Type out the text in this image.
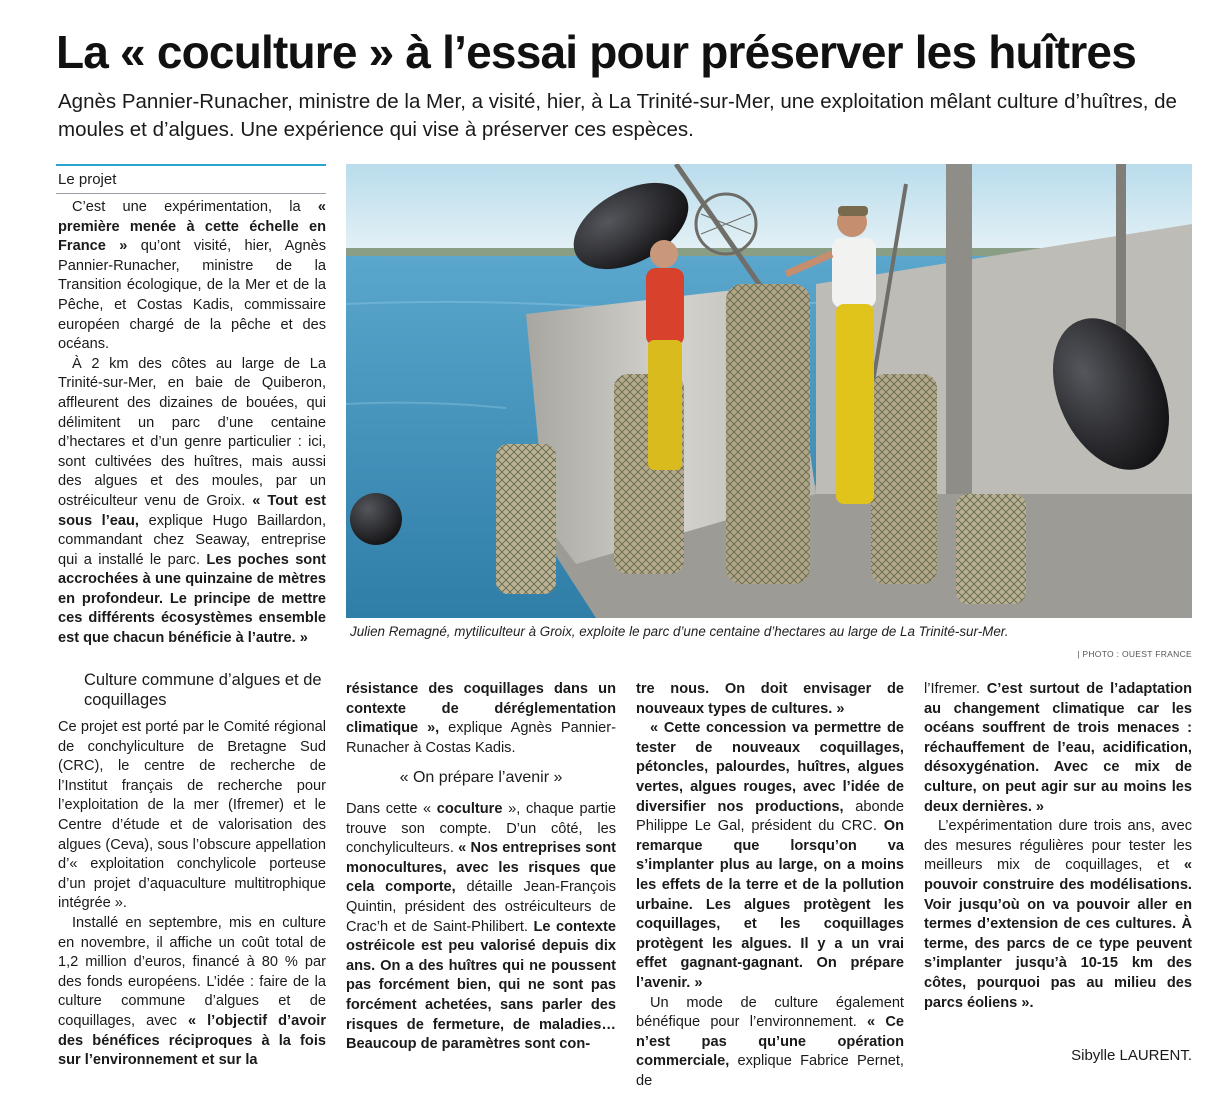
La « coculture » à l’essai pour préserver les huîtres

Agnès Pannier-Runacher, ministre de la Mer, a visité, hier, à La Trinité-sur-Mer, une exploitation mêlant culture d’huîtres, de moules et d’algues. Une expérience qui vise à préserver ces espèces.

Le projet

C’est une expérimentation, la « première menée à cette échelle en France » qu’ont visité, hier, Agnès Pannier-Runacher, ministre de la Transition écologique, de la Mer et de la Pêche, et Costas Kadis, commissaire européen chargé de la pêche et des océans.

À 2 km des côtes au large de La Trinité-sur-Mer, en baie de Quiberon, affleurent des dizaines de bouées, qui délimitent un parc d’une centaine d’hectares et d’un genre particulier : ici, sont cultivées des huîtres, mais aussi des algues et des moules, par un ostréiculteur venu de Groix. « Tout est sous l’eau, explique Hugo Baillardon, commandant chez Seaway, entreprise qui a installé le parc. Les poches sont accrochées à une quinzaine de mètres en profondeur. Le principe de mettre ces différents écosystèmes ensemble est que chacun bénéficie à l’autre. »

Culture commune d’algues et de coquillages

Ce projet est porté par le Comité régional de conchyliculture de Bretagne Sud (CRC), le centre de recherche de l’Institut français de recherche pour l’exploitation de la mer (Ifremer) et le Centre d’étude et de valorisation des algues (Ceva), sous l’obscure appellation d’« exploitation conchylicole porteuse d’un projet d’aquaculture multitrophique intégrée ».

Installé en septembre, mis en culture en novembre, il affiche un coût total de 1,2 million d’euros, financé à 80 % par des fonds européens. L’idée : faire de la culture commune d’algues et de coquillages, avec « l’objectif d’avoir des bénéfices réciproques à la fois sur l’environnement et sur la

résistance des coquillages dans un contexte de déréglementation climatique », explique Agnès Pannier-Runacher à Costas Kadis.

« On prépare l’avenir »

Dans cette « coculture », chaque partie trouve son compte. D’un côté, les conchyliculteurs. « Nos entreprises sont monocultures, avec les risques que cela comporte, détaille Jean-François Quintin, président des ostréiculteurs de Crac’h et de Saint-Philibert. Le contexte ostréicole est peu valorisé depuis dix ans. On a des huîtres qui ne poussent pas forcément bien, qui ne sont pas forcément achetées, sans parler des risques de fermeture, de maladies… Beaucoup de paramètres sont con-

tre nous. On doit envisager de nouveaux types de cultures. »

« Cette concession va permettre de tester de nouveaux coquillages, pétoncles, palourdes, huîtres, algues vertes, algues rouges, avec l’idée de diversifier nos productions, abonde Philippe Le Gal, président du CRC. On remarque que lorsqu’on va s’implanter plus au large, on a moins les effets de la terre et de la pollution urbaine. Les algues protègent les coquillages, et les coquillages protègent les algues. Il y a un vrai effet gagnant-gagnant. On prépare l’avenir. »

Un mode de culture également bénéfique pour l’environnement. « Ce n’est pas qu’une opération commerciale, explique Fabrice Pernet, de

l’Ifremer. C’est surtout de l’adaptation au changement climatique car les océans souffrent de trois menaces : réchauffement de l’eau, acidification, désoxygénation. Avec ce mix de culture, on peut agir sur au moins les deux dernières. »

L’expérimentation dure trois ans, avec des mesures régulières pour tester les meilleurs mix de coquillages, et « pouvoir construire des modélisations. Voir jusqu’où on va pouvoir aller en termes d’extension de ces cultures. À terme, des parcs de ce type peuvent s’implanter jusqu’à 10-15 km des côtes, pourquoi pas au milieu des parcs éoliens ».

Sibylle LAURENT.

Julien Remagné, mytiliculteur à Groix, exploite le parc d’une centaine d’hectares au large de La Trinité-sur-Mer.

| PHOTO : OUEST FRANCE
